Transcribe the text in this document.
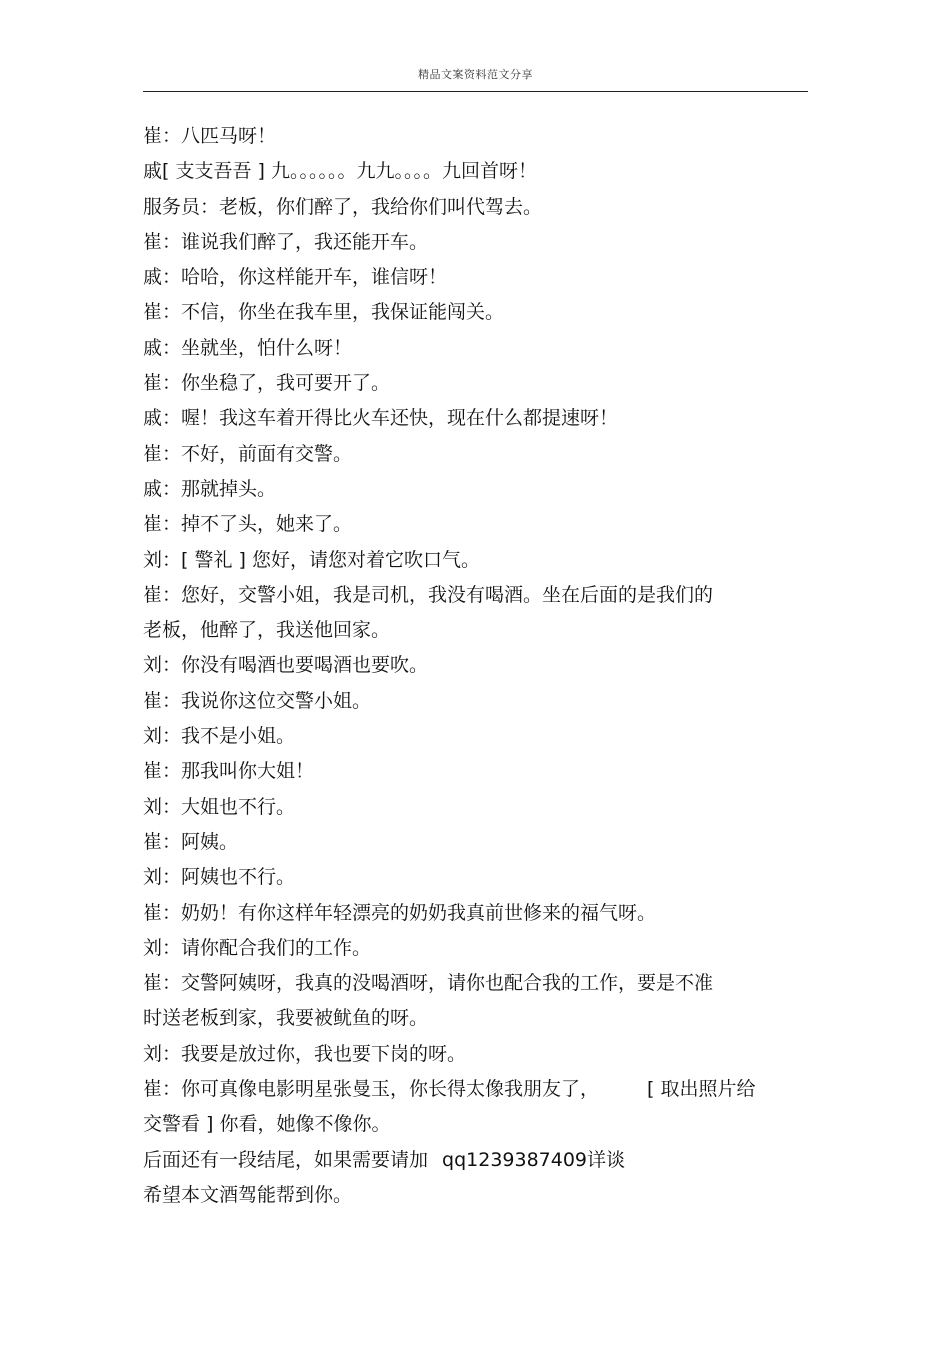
精品文案资料范文分享
崔：八匹马呀！
戚[ 支支吾吾 ] 九。。。。。。九九。。。。九回首呀！
服务员：老板，你们醉了，我给你们叫代驾去。
崔：谁说我们醉了，我还能开车。
戚：哈哈，你这样能开车，谁信呀！
崔：不信，你坐在我车里，我保证能闯关。
戚：坐就坐，怕什么呀！
崔：你坐稳了，我可要开了。
戚：喔！我这车着开得比火车还快，现在什么都提速呀！
崔：不好，前面有交警。
戚：那就掉头。
崔：掉不了头，她来了。
刘：[ 警礼 ] 您好，请您对着它吹口气。
崔：您好，交警小姐，我是司机，我没有喝酒。坐在后面的是我们的
老板，他醉了，我送他回家。
刘：你没有喝酒也要喝酒也要吹。
崔：我说你这位交警小姐。
刘：我不是小姐。
崔：那我叫你大姐！
刘：大姐也不行。
崔：阿姨。
刘：阿姨也不行。
崔：奶奶！有你这样年轻漂亮的奶奶我真前世修来的福气呀。
刘：请你配合我们的工作。
崔：交警阿姨呀，我真的没喝酒呀，请你也配合我的工作，要是不准
时送老板到家，我要被鱿鱼的呀。
刘：我要是放过你，我也要下岗的呀。
崔：你可真像电影明星张曼玉，你长得太像我朋友了，	[ 取出照片给
交警看 ] 你看，她像不像你。
后面还有一段结尾，如果需要请加 qq1239387409详谈
希望本文酒驾能帮到你。
